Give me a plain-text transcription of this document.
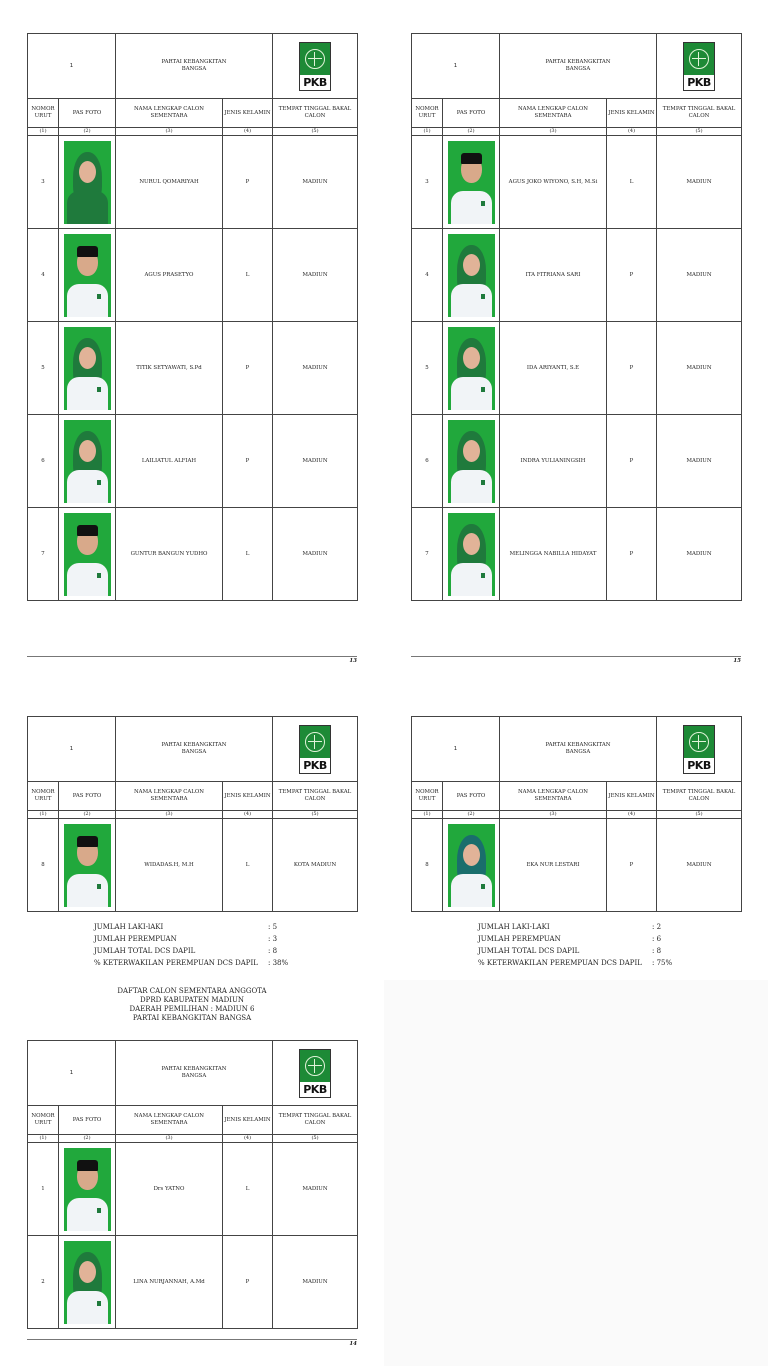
1		PARTAI KEBANGKITAN
BANGSA		PKB

NOMOR URUT	PAS FOTO	NAMA LENGKAP CALON SEMENTARA	JENIS KELAMIN	TEMPAT TINGGAL BAKAL CALON
(1)	(2)	(3)	(4)	(5)
3		NURUL QOMARIYAH	P	MADIUN
4		AGUS PRASETYO	L	MADIUN
5		TITIK SETYAWATI, S.Pd	P	MADIUN
6		LAILIATUL ALFIAH	P	MADIUN
7		GUNTUR BANGUN YUDHO	L	MADIUN
13
1		PARTAI KEBANGKITAN
BANGSA		PKB

NOMOR URUT	PAS FOTO	NAMA LENGKAP CALON SEMENTARA	JENIS KELAMIN	TEMPAT TINGGAL BAKAL CALON
(1)	(2)	(3)	(4)	(5)
3		AGUS JOKO WIYONO, S.H, M.Si	L	MADIUN
4		ITA FITRIANA SARI	P	MADIUN
5		IDA ARIYANTI, S.E	P	MADIUN
6		INDRA YULIANINGSIH	P	MADIUN
7		MELINGGA NABILLA HIDAYAT	P	MADIUN
15
1		PARTAI KEBANGKITAN
BANGSA		PKB

NOMOR URUT	PAS FOTO	NAMA LENGKAP CALON SEMENTARA	JENIS KELAMIN	TEMPAT TINGGAL BAKAL CALON
(1)	(2)	(3)	(4)	(5)
8		WIDADAS.H, M.H	L	KOTA MADIUN
JUMLAH LAKI-lAKI	: 5
JUMLAH PEREMPUAN	: 3
JUMLAH TOTAL DCS DAPIL	: 8
% KETERWAKILAN PEREMPUAN DCS DAPIL : 38%
DAFTAR CALON SEMENTARA ANGGOTA
DPRD KABUPATEN MADIUN
DAERAH PEMILIHAN : MADIUN 6
PARTAI KEBANGKITAN BANGSA
1		PARTAI KEBANGKITAN
BANGSA		PKB

NOMOR URUT	PAS FOTO	NAMA LENGKAP CALON SEMENTARA	JENIS KELAMIN	TEMPAT TINGGAL BAKAL CALON
(1)	(2)	(3)	(4)	(5)
1		Drs YATNO	L	MADIUN
2		LINA NURJANNAH, A.Md	P	MADIUN
14
1		PARTAI KEBANGKITAN
BANGSA		PKB

NOMOR URUT	PAS FOTO	NAMA LENGKAP CALON SEMENTARA	JENIS KELAMIN	TEMPAT TINGGAL BAKAL CALON
(1)	(2)	(3)	(4)	(5)
8		EKA NUR LESTARI	P	MADIUN
JUMLAH LAKI-LAKI	: 2
JUMLAH PEREMPUAN	: 6
JUMLAH TOTAL DCS DAPIL	: 8
% KETERWAKILAN PEREMPUAN DCS DAPIL : 75%
